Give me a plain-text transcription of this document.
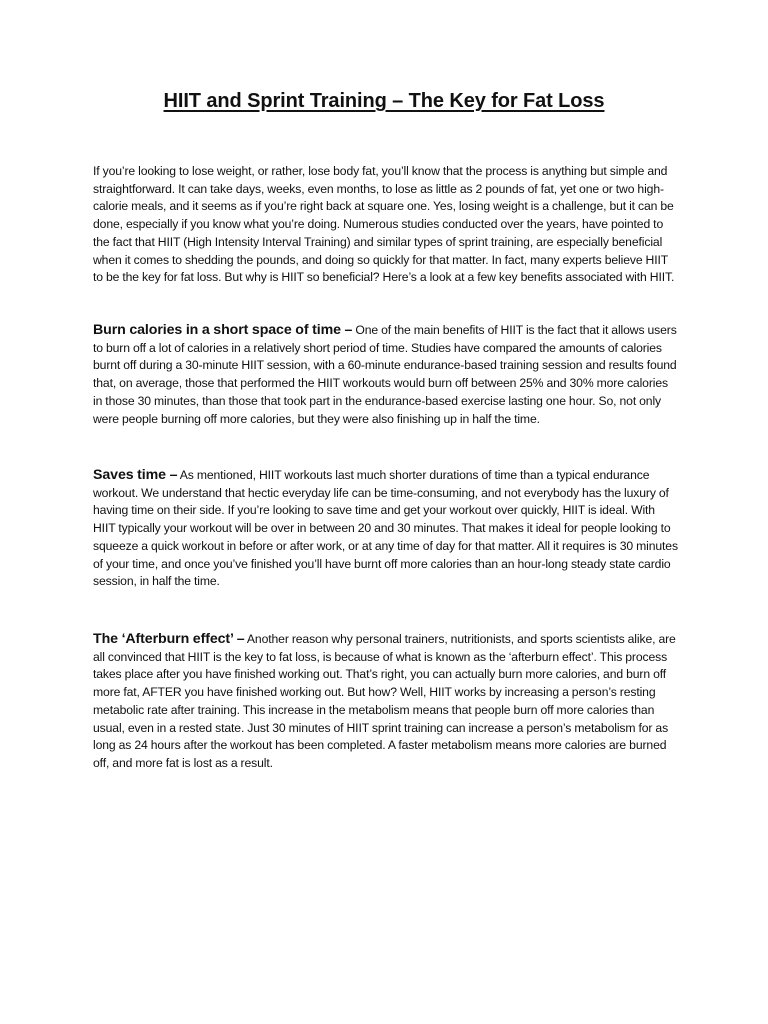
HIIT and Sprint Training – The Key for Fat Loss

If you’re looking to lose weight, or rather, lose body fat, you’ll know that the process is anything but simple and straightforward. It can take days, weeks, even months, to lose as little as 2 pounds of fat, yet one or two high-calorie meals, and it seems as if you’re right back at square one. Yes, losing weight is a challenge, but it can be done, especially if you know what you’re doing. Numerous studies conducted over the years, have pointed to the fact that HIIT (High Intensity Interval Training) and similar types of sprint training, are especially beneficial when it comes to shedding the pounds, and doing so quickly for that matter. In fact, many experts believe HIIT to be the key for fat loss. But why is HIIT so beneficial? Here’s a look at a few key benefits associated with HIIT.

Burn calories in a short space of time – One of the main benefits of HIIT is the fact that it allows users to burn off a lot of calories in a relatively short period of time. Studies have compared the amounts of calories burnt off during a 30-minute HIIT session, with a 60-minute endurance-based training session and results found that, on average, those that performed the HIIT workouts would burn off between 25% and 30% more calories in those 30 minutes, than those that took part in the endurance-based exercise lasting one hour. So, not only were people burning off more calories, but they were also finishing up in half the time.

Saves time – As mentioned, HIIT workouts last much shorter durations of time than a typical endurance workout. We understand that hectic everyday life can be time-consuming, and not everybody has the luxury of having time on their side. If you’re looking to save time and get your workout over quickly, HIIT is ideal. With HIIT typically your workout will be over in between 20 and 30 minutes. That makes it ideal for people looking to squeeze a quick workout in before or after work, or at any time of day for that matter. All it requires is 30 minutes of your time, and once you’ve finished you’ll have burnt off more calories than an hour-long steady state cardio session, in half the time.

The ‘Afterburn effect’ – Another reason why personal trainers, nutritionists, and sports scientists alike, are all convinced that HIIT is the key to fat loss, is because of what is known as the ‘afterburn effect’. This process takes place after you have finished working out. That’s right, you can actually burn more calories, and burn off more fat, AFTER you have finished working out. But how? Well, HIIT works by increasing a person’s resting metabolic rate after training. This increase in the metabolism means that people burn off more calories than usual, even in a rested state. Just 30 minutes of HIIT sprint training can increase a person’s metabolism for as long as 24 hours after the workout has been completed. A faster metabolism means more calories are burned off, and more fat is lost as a result.
